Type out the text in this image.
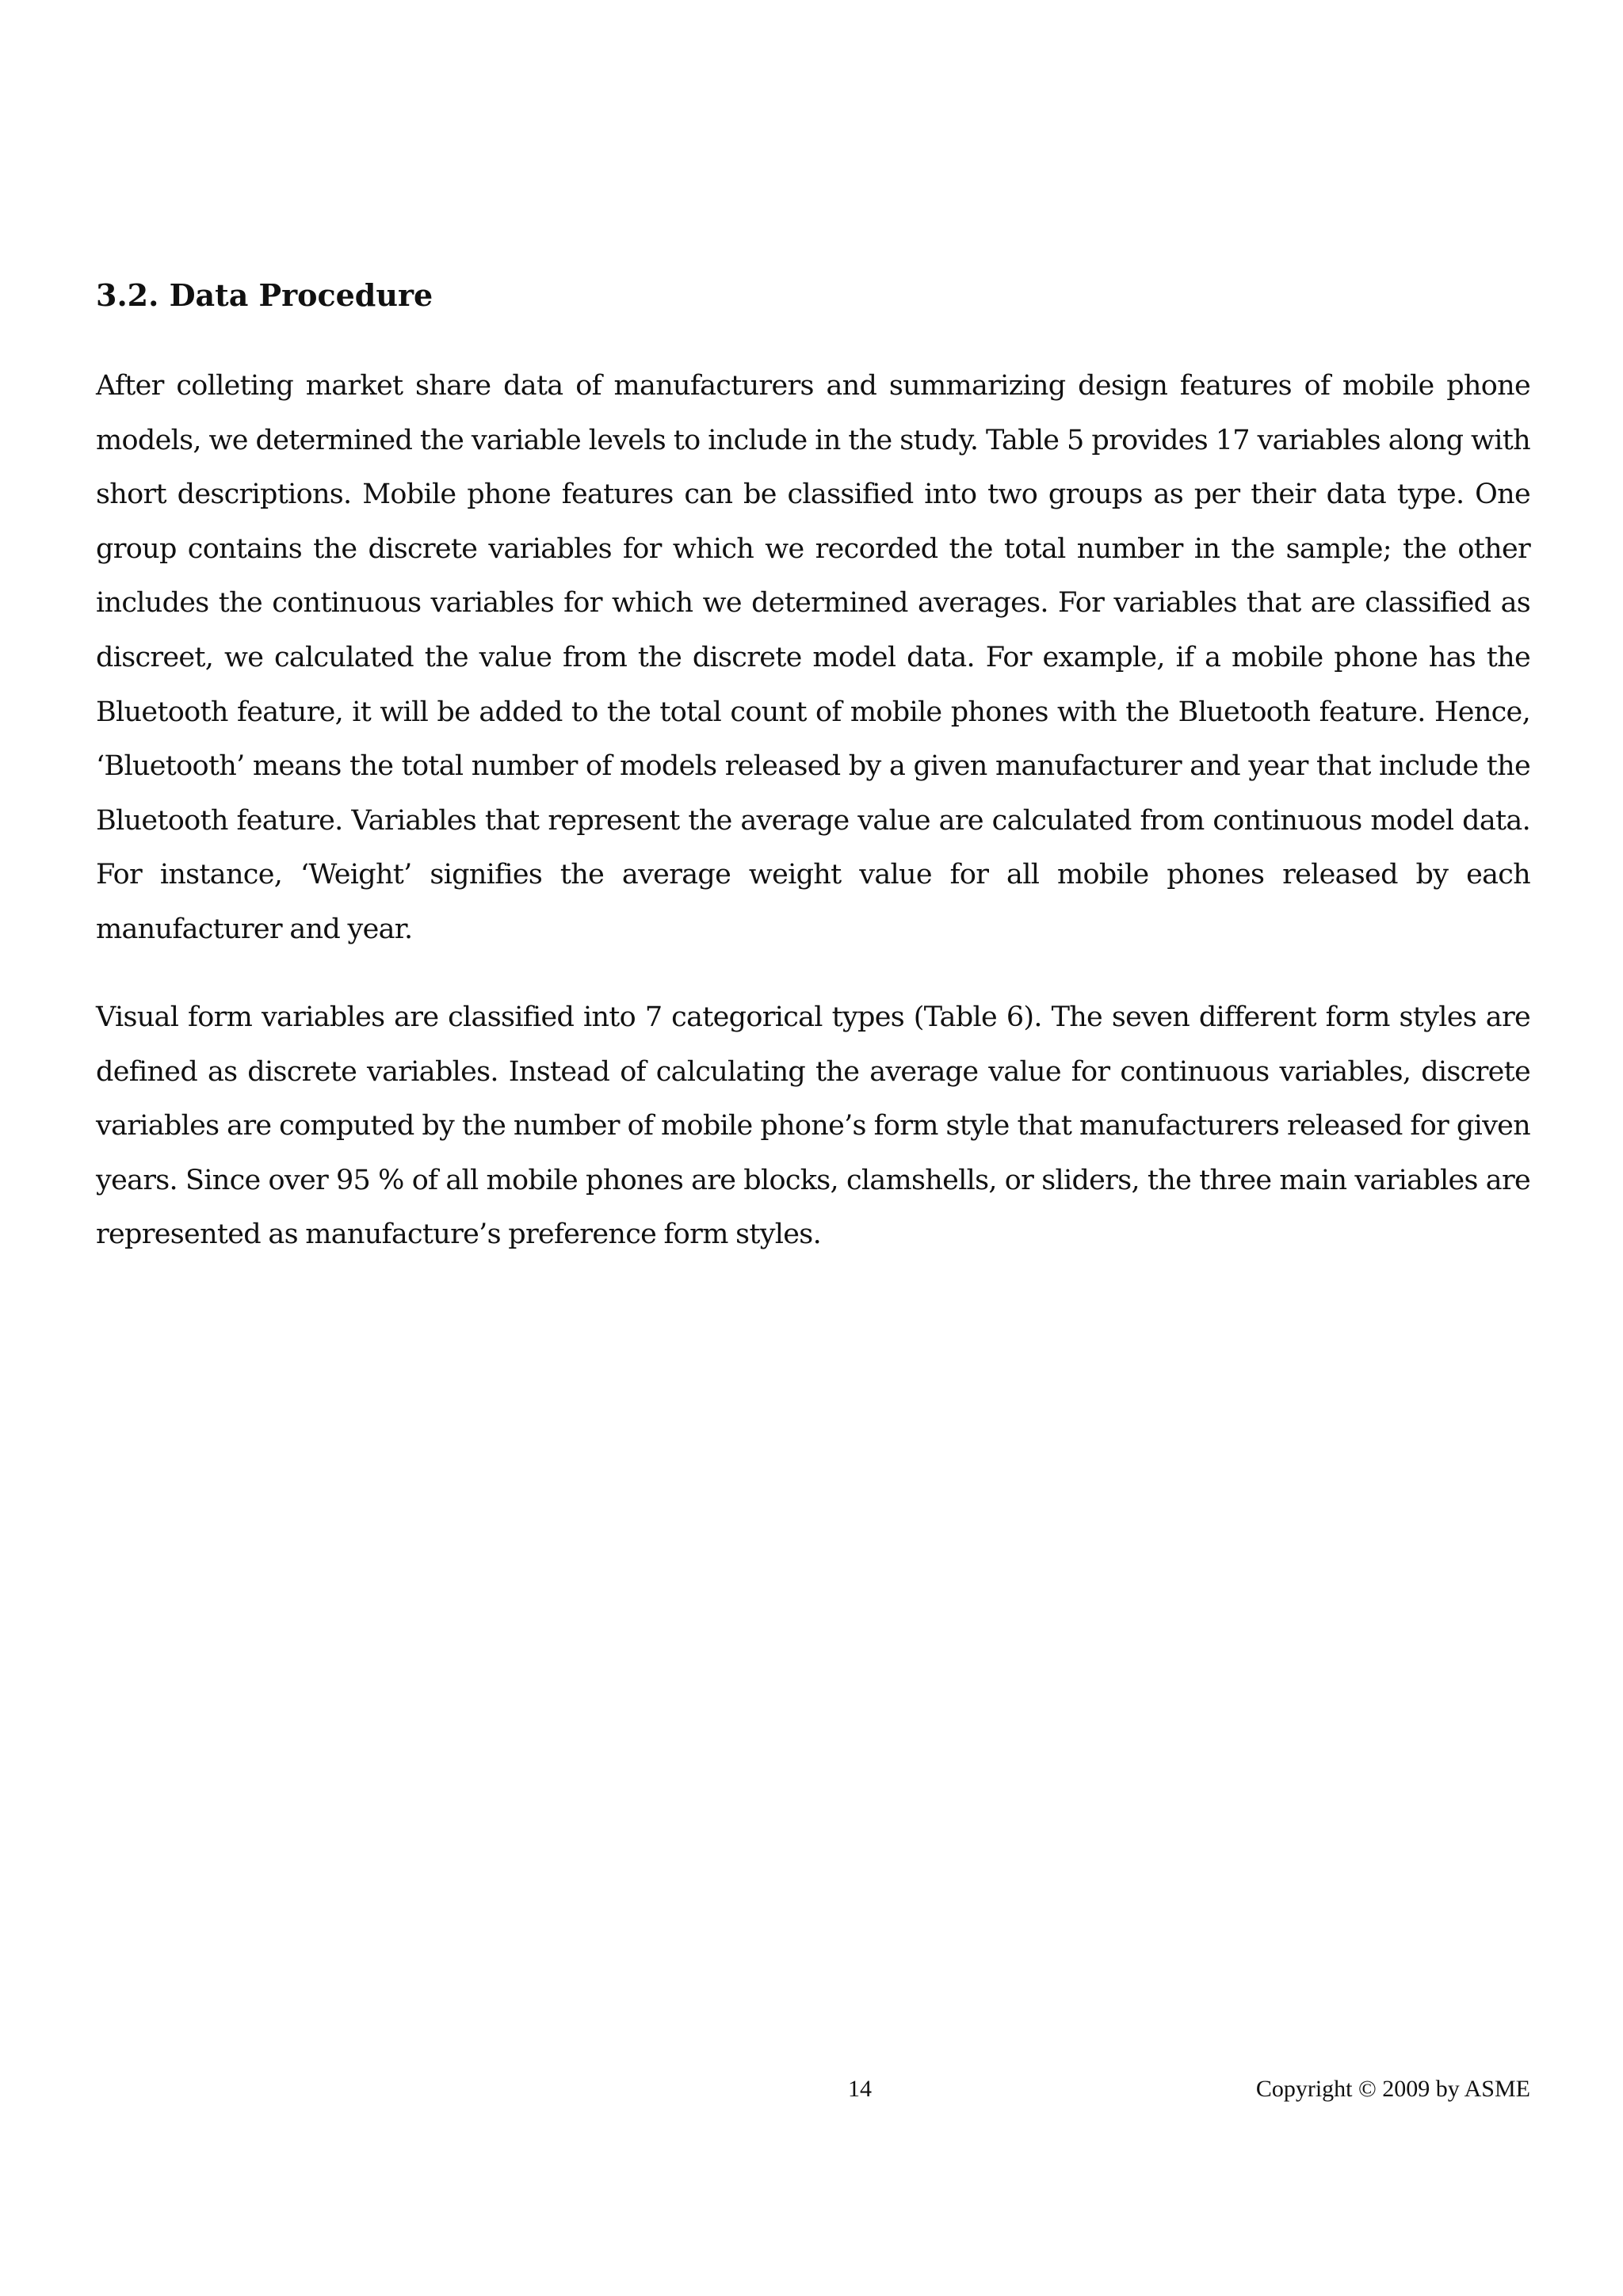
3.2. Data Procedure

After colleting market share data of manufacturers and summarizing design features of mobile phone models, we determined the variable levels to include in the study. Table 5 provides 17 variables along with short descriptions. Mobile phone features can be classified into two groups as per their data type. One group contains the discrete variables for which we recorded the total number in the sample; the other includes the continuous variables for which we determined averages. For variables that are classified as discreet, we calculated the value from the discrete model data. For example, if a mobile phone has the Bluetooth feature, it will be added to the total count of mobile phones with the Bluetooth feature. Hence, ‘Bluetooth’ means the total number of models released by a given manufacturer and year that include the Bluetooth feature. Variables that represent the average value are calculated from continuous model data. For instance, ‘Weight’ signifies the average weight value for all mobile phones released by each manufacturer and year.

Visual form variables are classified into 7 categorical types (Table 6). The seven different form styles are defined as discrete variables. Instead of calculating the average value for continuous variables, discrete variables are computed by the number of mobile phone’s form style that manufacturers released for given years. Since over 95 % of all mobile phones are blocks, clamshells, or sliders, the three main variables are represented as manufacture’s preference form styles.

14	Copyright © 2009 by ASME
